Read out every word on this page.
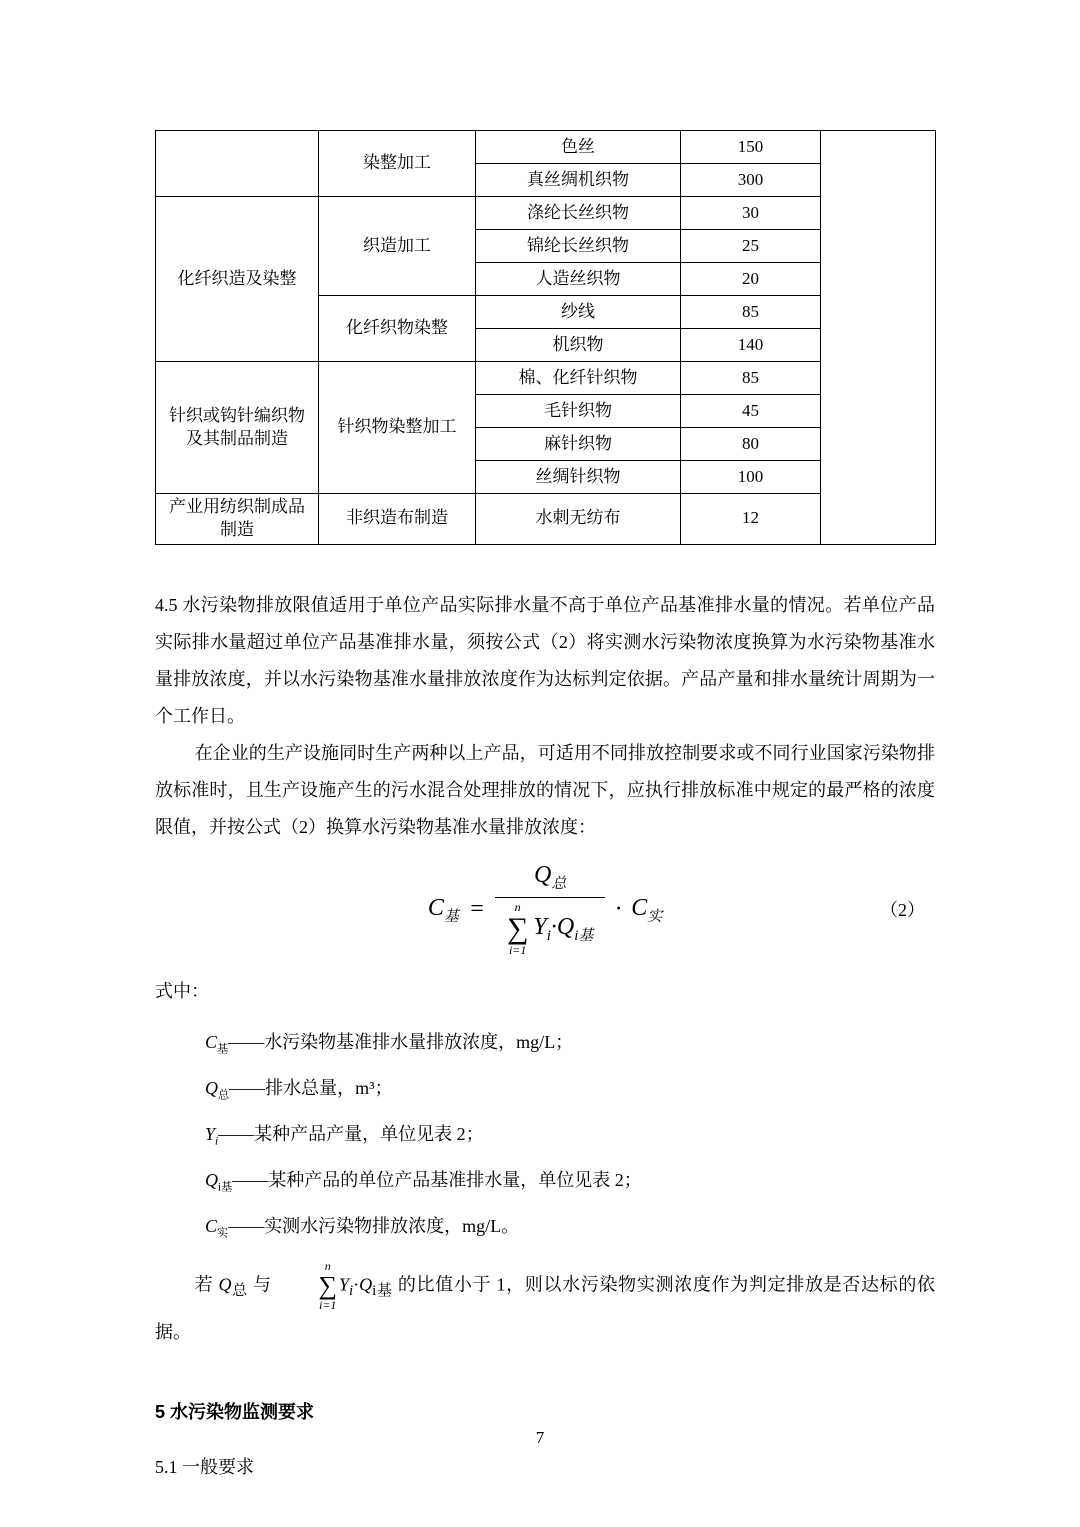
	染整加工	色丝	150	
		真丝绸机织物	300	
化纤织造及染整	织造加工	涤纶长丝织物	30	
		锦纶长丝织物	25	
		人造丝织物	20	
	化纤织物染整	纱线	85	
		机织物	140	
针织或钩针编织物及其制品制造	针织物染整加工	棉、化纤针织物	85	
		毛针织物	45	
		麻针织物	80	
		丝绸针织物	100	
产业用纺织制成品制造	非织造布制造	水刺无纺布	12	

4.5 水污染物排放限值适用于单位产品实际排水量不高于单位产品基准排水量的情况。若单位产品实际排水量超过单位产品基准排水量，须按公式（2）将实测水污染物浓度换算为水污染物基准水量排放浓度，并以水污染物基准水量排放浓度作为达标判定依据。产品产量和排水量统计周期为一个工作日。

在企业的生产设施同时生产两种以上产品，可适用不同排放控制要求或不同行业国家污染物排放标准时，且生产设施产生的污水混合处理排放的情况下，应执行排放标准中规定的最严格的浓度限值，并按公式（2）换算水污染物基准水量排放浓度：

$C_基$ =
$Q_总$
n
∑
i=1
$Y_i\cdot Q_{i基}$
· $C_实$	（2）

式中：

$C_基——$水污染物基准排水量排放浓度，mg/L；
$Q_总——$排水总量，m³；
$Y_i——$某种产品产量，单位见表 2；
$Q_{i基}——$某种产品的单位产品基准排水量，单位见表 2；
$C_实——$实测水污染物排放浓度，mg/L。

若 $Q_总$ 与
n
∑
i=1
$Y_i\cdot Q_{i基}$ 的比值小于 1，则以水污染物实测浓度作为判定排放是否达标的依据。

5 水污染物监测要求

5.1 一般要求

7
